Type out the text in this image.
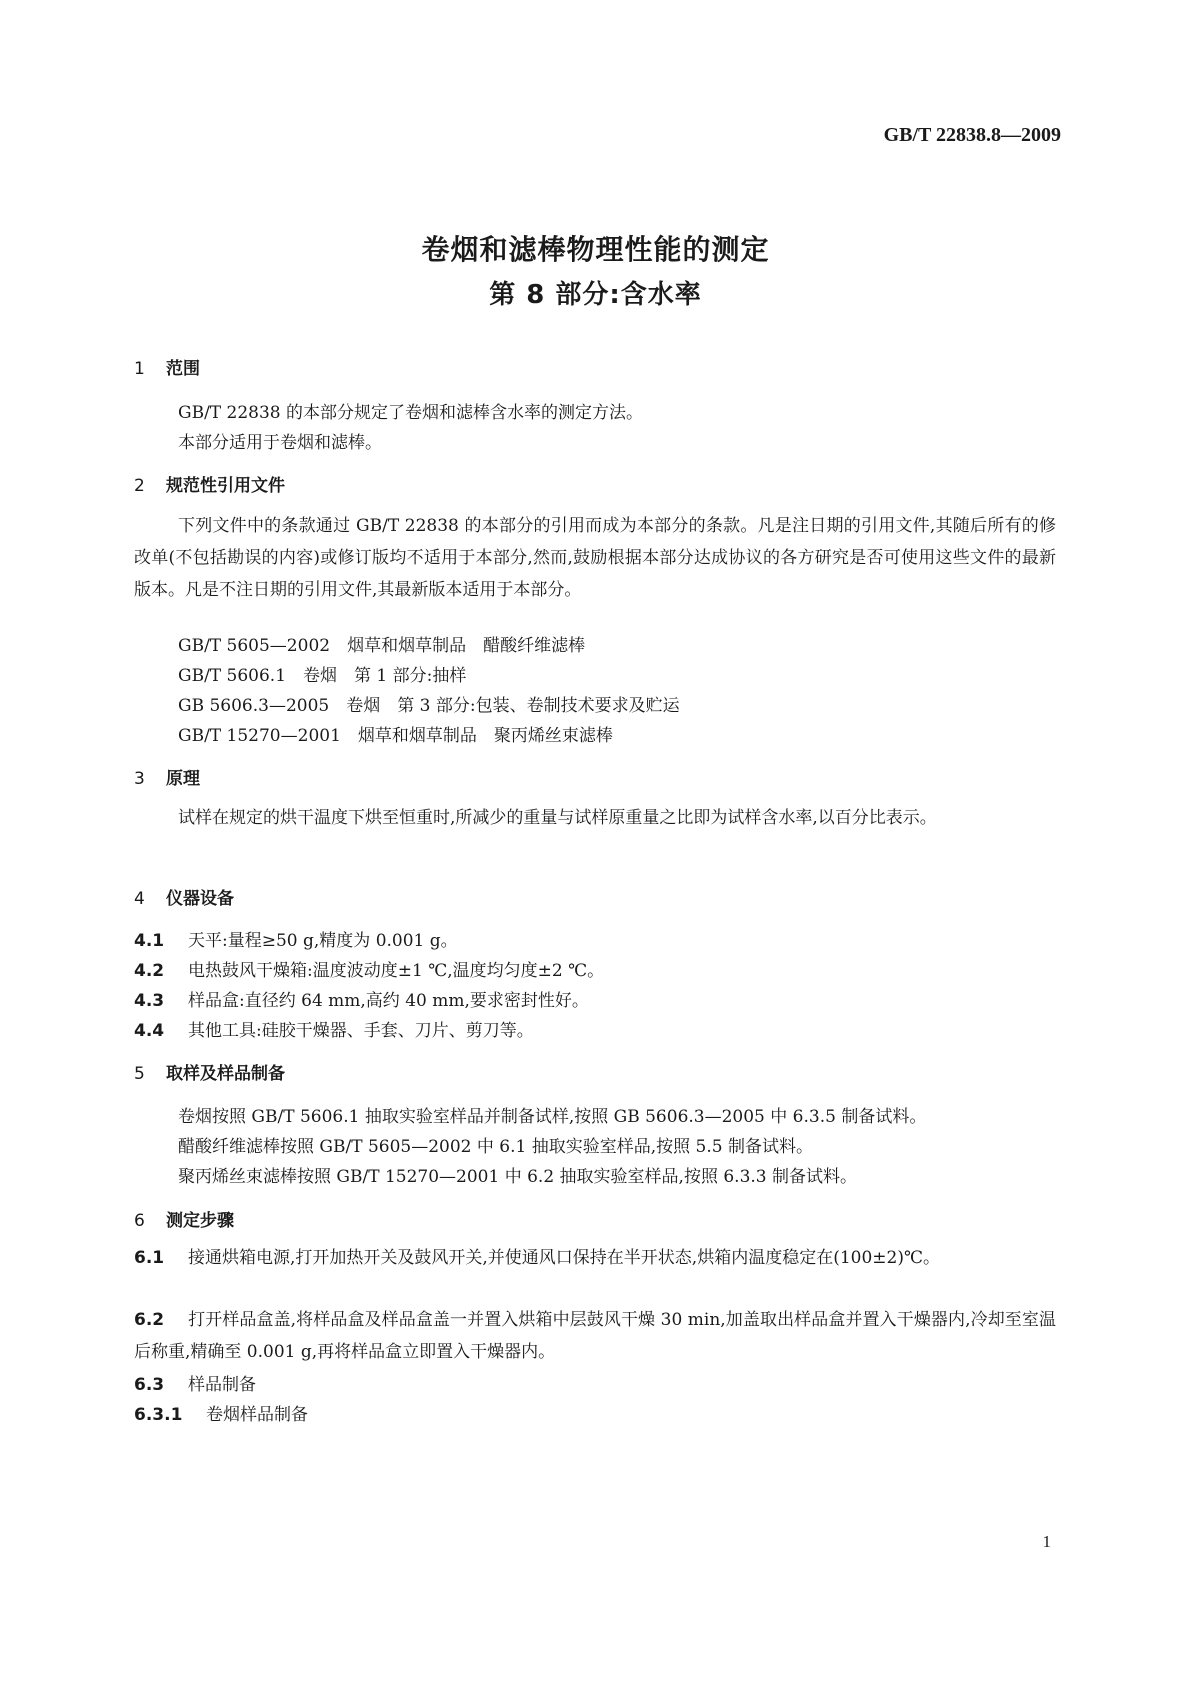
GB/T 22838.8—2009
卷烟和滤棒物理性能的测定
第 8 部分:含水率
1 范围
GB/T 22838 的本部分规定了卷烟和滤棒含水率的测定方法。
本部分适用于卷烟和滤棒。
2 规范性引用文件
下列文件中的条款通过 GB/T 22838 的本部分的引用而成为本部分的条款。凡是注日期的引用文件,其随后所有的修改单(不包括勘误的内容)或修订版均不适用于本部分,然而,鼓励根据本部分达成协议的各方研究是否可使用这些文件的最新版本。凡是不注日期的引用文件,其最新版本适用于本部分。
GB/T 5605—2002　烟草和烟草制品　醋酸纤维滤棒
GB/T 5606.1　卷烟　第 1 部分:抽样
GB 5606.3—2005　卷烟　第 3 部分:包装、卷制技术要求及贮运
GB/T 15270—2001　烟草和烟草制品　聚丙烯丝束滤棒
3 原理
试样在规定的烘干温度下烘至恒重时,所减少的重量与试样原重量之比即为试样含水率,以百分比表示。
4 仪器设备
4.1 天平:量程≥50 g,精度为 0.001 g。
4.2 电热鼓风干燥箱:温度波动度±1 ℃,温度均匀度±2 ℃。
4.3 样品盒:直径约 64 mm,高约 40 mm,要求密封性好。
4.4 其他工具:硅胶干燥器、手套、刀片、剪刀等。
5 取样及样品制备
卷烟按照 GB/T 5606.1 抽取实验室样品并制备试样,按照 GB 5606.3—2005 中 6.3.5 制备试料。
醋酸纤维滤棒按照 GB/T 5605—2002 中 6.1 抽取实验室样品,按照 5.5 制备试料。
聚丙烯丝束滤棒按照 GB/T 15270—2001 中 6.2 抽取实验室样品,按照 6.3.3 制备试料。
6 测定步骤
6.1 接通烘箱电源,打开加热开关及鼓风开关,并使通风口保持在半开状态,烘箱内温度稳定在(100±2)℃。
6.2 打开样品盒盖,将样品盒及样品盒盖一并置入烘箱中层鼓风干燥 30 min,加盖取出样品盒并置入干燥器内,冷却至室温后称重,精确至 0.001 g,再将样品盒立即置入干燥器内。
6.3 样品制备
6.3.1 卷烟样品制备
1
